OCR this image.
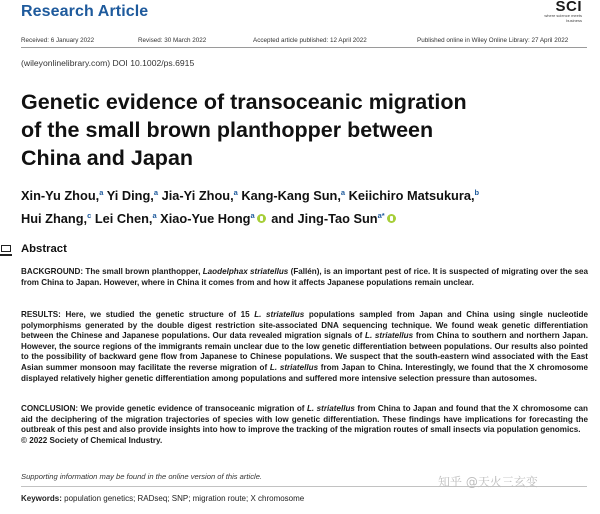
Research Article	SCI
where science meets business
Received: 6 January 2022	Revised: 30 March 2022	Accepted article published: 12 April 2022	Published online in Wiley Online Library: 27 April 2022
(wileyonlinelibrary.com) DOI 10.1002/ps.6915
Genetic evidence of transoceanic migration
of the small brown planthopper between
China and Japan
Xin-Yu Zhou,$^a$ Yi Ding,$^a$ Jia-Yi Zhou,$^a$ Kang-Kang Sun,$^a$ Keiichiro Matsukura,$^b$
Hui Zhang,$^c$ Lei Chen,$^a$ Xiao-Yue Hong$^a$ and Jing-Tao Sun$^{a*}$
Abstract
BACKGROUND: The small brown planthopper, Laodelphax striatellus (Fallén), is an important pest of rice. It is suspected of migrating over the sea from China to Japan. However, where in China it comes from and how it affects Japanese populations remain unclear.
RESULTS: Here, we studied the genetic structure of 15 L. striatellus populations sampled from Japan and China using single nucleotide polymorphisms generated by the double digest restriction site-associated DNA sequencing technique. We found weak genetic differentiation between the Chinese and Japanese populations. Our data revealed migration signals of L. striatellus from China to southern and northern Japan. However, the source regions of the immigrants remain unclear due to the low genetic differentiation between populations. Our results also pointed to the possibility of backward gene flow from Japanese to Chinese populations. We suspect that the south-eastern wind associated with the East Asian summer monsoon may facilitate the reverse migration of L. striatellus from Japan to China. Interestingly, we found that the X chromosome displayed relatively higher genetic differentiation among populations and suffered more intensive selection pressure than autosomes.
CONCLUSION: We provide genetic evidence of transoceanic migration of L. striatellus from China to Japan and found that the X chromosome can aid the deciphering of the migration trajectories of species with low genetic differentiation. These findings have implications for forecasting the outbreak of this pest and also provide insights into how to improve the tracking of the migration routes of small insects via population genomics.
© 2022 Society of Chemical Industry.
Supporting information may be found in the online version of this article.
Keywords: population genetics; RADseq; SNP; migration route; X chromosome
知乎 @天火三玄变
